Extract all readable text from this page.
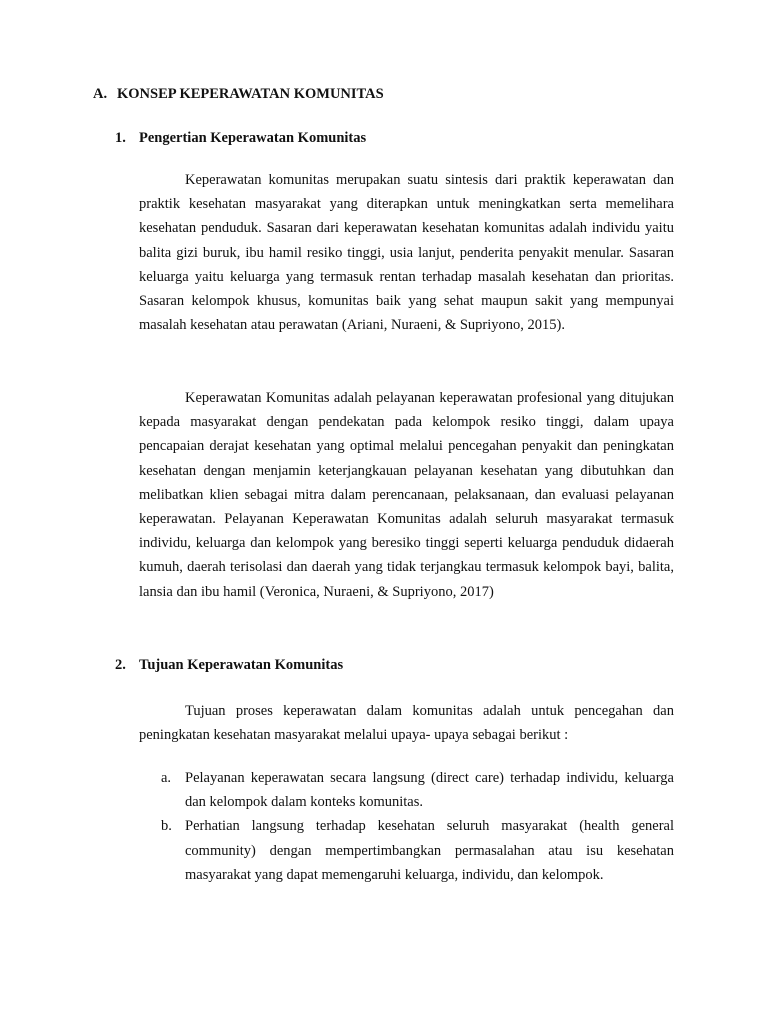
A. KONSEP KEPERAWATAN KOMUNITAS
1. Pengertian Keperawatan Komunitas

Keperawatan komunitas merupakan suatu sintesis dari praktik keperawatan dan praktik kesehatan masyarakat yang diterapkan untuk meningkatkan serta memelihara kesehatan penduduk. Sasaran dari keperawatan kesehatan komunitas adalah individu yaitu balita gizi buruk, ibu hamil resiko tinggi, usia lanjut, penderita penyakit menular. Sasaran keluarga yaitu keluarga yang termasuk rentan terhadap masalah kesehatan dan prioritas. Sasaran kelompok khusus, komunitas baik yang sehat maupun sakit yang mempunyai masalah kesehatan atau perawatan (Ariani, Nuraeni, & Supriyono, 2015).

Keperawatan Komunitas adalah pelayanan keperawatan profesional yang ditujukan kepada masyarakat dengan pendekatan pada kelompok resiko tinggi, dalam upaya pencapaian derajat kesehatan yang optimal melalui pencegahan penyakit dan peningkatan kesehatan dengan menjamin keterjangkauan pelayanan kesehatan yang dibutuhkan dan melibatkan klien sebagai mitra dalam perencanaan, pelaksanaan, dan evaluasi pelayanan keperawatan. Pelayanan Keperawatan Komunitas adalah seluruh masyarakat termasuk individu, keluarga dan kelompok yang beresiko tinggi seperti keluarga penduduk didaerah kumuh, daerah terisolasi dan daerah yang tidak terjangkau termasuk kelompok bayi, balita, lansia dan ibu hamil (Veronica, Nuraeni, & Supriyono, 2017)

2. Tujuan Keperawatan Komunitas

Tujuan proses keperawatan dalam komunitas adalah untuk pencegahan dan peningkatan kesehatan masyarakat melalui upaya- upaya sebagai berikut :

a. Pelayanan keperawatan secara langsung (direct care) terhadap individu, keluarga dan kelompok dalam konteks komunitas.
b. Perhatian langsung terhadap kesehatan seluruh masyarakat (health general community) dengan mempertimbangkan permasalahan atau isu kesehatan masyarakat yang dapat memengaruhi keluarga, individu, dan kelompok.
